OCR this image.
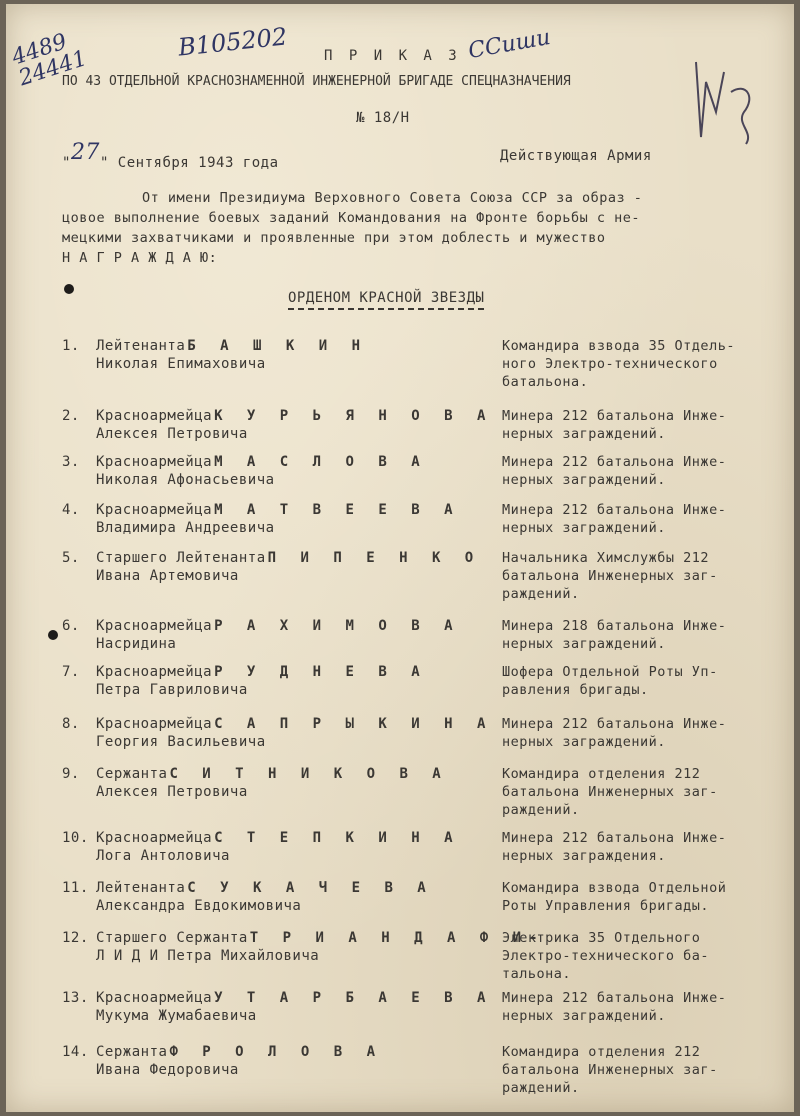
4489 24441
В105202	ССиши
П Р И К А З
ПО 43 ОТДЕЛЬНОЙ КРАСНОЗНАМЕННОЙ ИНЖЕНЕРНОЙ БРИГАДЕ СПЕЦНАЗНАЧЕНИЯ
№ 18/Н
"27" Сентября 1943 года	Действующая Армия
От имени Президиума Верховного Совета Союза ССР за образ -
цовое выполнение боевых заданий Командования на Фронте борьбы с не-
мецкими захватчиками и проявленные при этом доблесть и мужество
Н А Г Р А Ж Д А Ю:
ОРДЕНОМ КРАСНОЙ ЗВЕЗДЫ
1. Лейтенанта Б А Ш К И Н
Николая Епимаховича
Командира взвода 35 Отдель-
ного Электро-технического
батальона.
2. Красноармейца К У Р Ь Я Н О В А
Алексея Петровича
Минера 212 батальона Инже-
нерных заграждений.
3. Красноармейца М А С Л О В А
Николая Афонасьевича
Минера 212 батальона Инже-
нерных заграждений.
4. Красноармейца М А Т В Е Е В А
Владимира Андреевича
Минера 212 батальона Инже-
нерных заграждений.
5. Старшего Лейтенанта П И П Е Н К О
Ивана Артемовича
Начальника Химслужбы 212
батальона Инженерных заг-
раждений.
6. Красноармейца Р А Х И М О В А
Насридина
Минера 218 батальона Инже-
нерных заграждений.
7. Красноармейца Р У Д Н Е В А
Петра Гавриловича
Шофера Отдельной Роты Уп-
равления бригады.
8. Красноармейца С А П Р Ы К И Н А
Георгия Васильевича
Минера 212 батальона Инже-
нерных заграждений.
9. Сержанта С И Т Н И К О В А
Алексея Петровича
Командира отделения 212
батальона Инженерных заг-
раждений.
10. Красноармейца С Т Е П К И Н А
Лога Антоловича
Минера 212 батальона Инже-
нерных заграждения.
11. Лейтенанта С У К А Ч Е В А
Александра Евдокимовича
Командира взвода Отдельной
Роты Управления бригады.
12. Старшего Сержанта Т Р И А Н Д А Ф И-
Л И Д И Петра Михайловича
Электрика 35 Отдельного
Электро-технического ба-
тальона.
13. Красноармейца У Т А Р Б А Е В А
Мукума Жумабаевича
Минера 212 батальона Инже-
нерных заграждений.
14. Сержанта Ф Р О Л О В А
Ивана Федоровича
Командира отделения 212
батальона Инженерных заг-
раждений.
